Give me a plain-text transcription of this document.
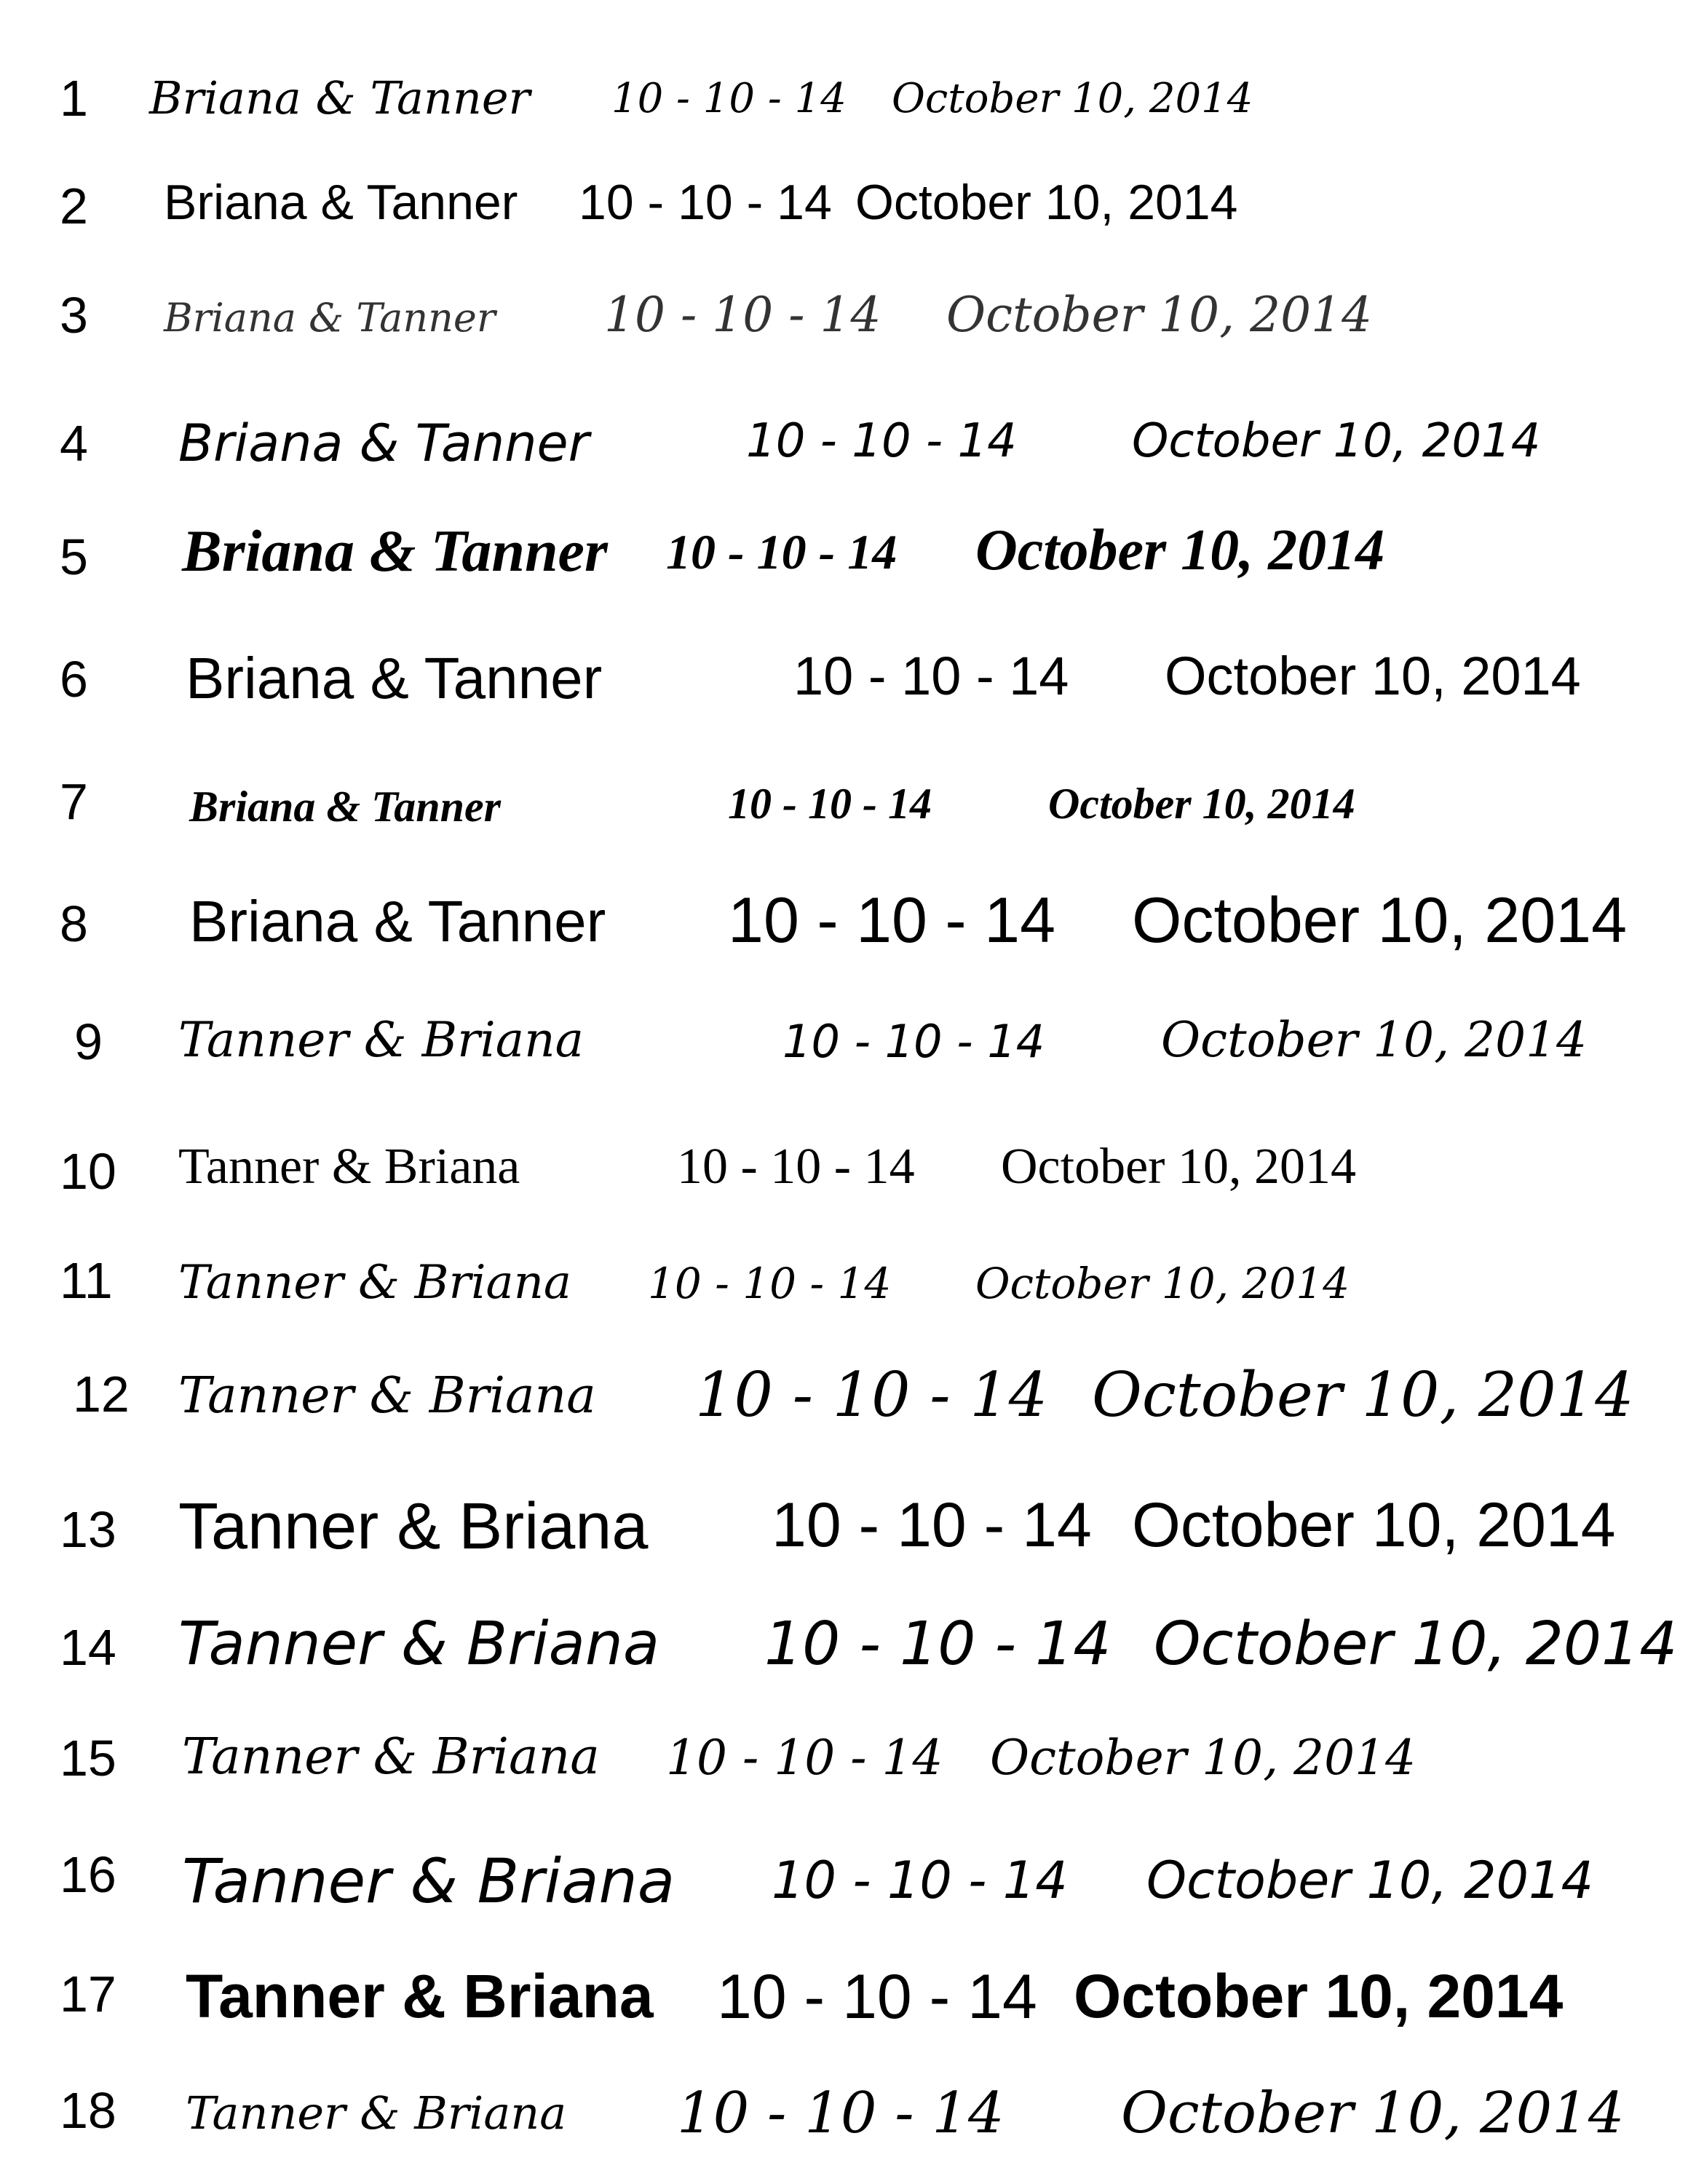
1 Briana & Tanner 10 - 10 - 14 October 10, 2014
2 Briana & Tanner 10 - 10 - 14 October 10, 2014
3 Briana & Tanner 10 - 10 - 14 October 10, 2014
4 Briana & Tanner	10 - 10 - 14 October 10, 2014
5 Briana & Tanner 10 - 10 - 14 October 10, 2014
6 Briana & Tanner	10 - 10 - 14 October 10, 2014
7 Briana & Tanner	10 - 10 - 14	October 10, 2014
8 Briana & Tanner 10 - 10 - 14 October 10, 2014
9 Tanner & Briana	10 - 10 - 14 October 10, 2014
10 Tanner & Briana	10 - 10 - 14 October 10, 2014
11 Tanner & Briana 10 - 10 - 14 October 10, 2014
12 Tanner & Briana 10 - 10 - 14 October 10, 2014
13 Tanner & Briana 10 - 10 - 14 October 10, 2014
14 Tanner & Briana 10 - 10 - 14 October 10, 2014
15 Tanner & Briana 10 - 10 - 14 October 10, 2014
16 Tanner & Briana 10 - 10 - 14 October 10, 2014
17 Tanner & Briana 10 - 10 - 14 October 10, 2014
18 Tanner & Briana 10 - 10 - 14 October 10, 2014
